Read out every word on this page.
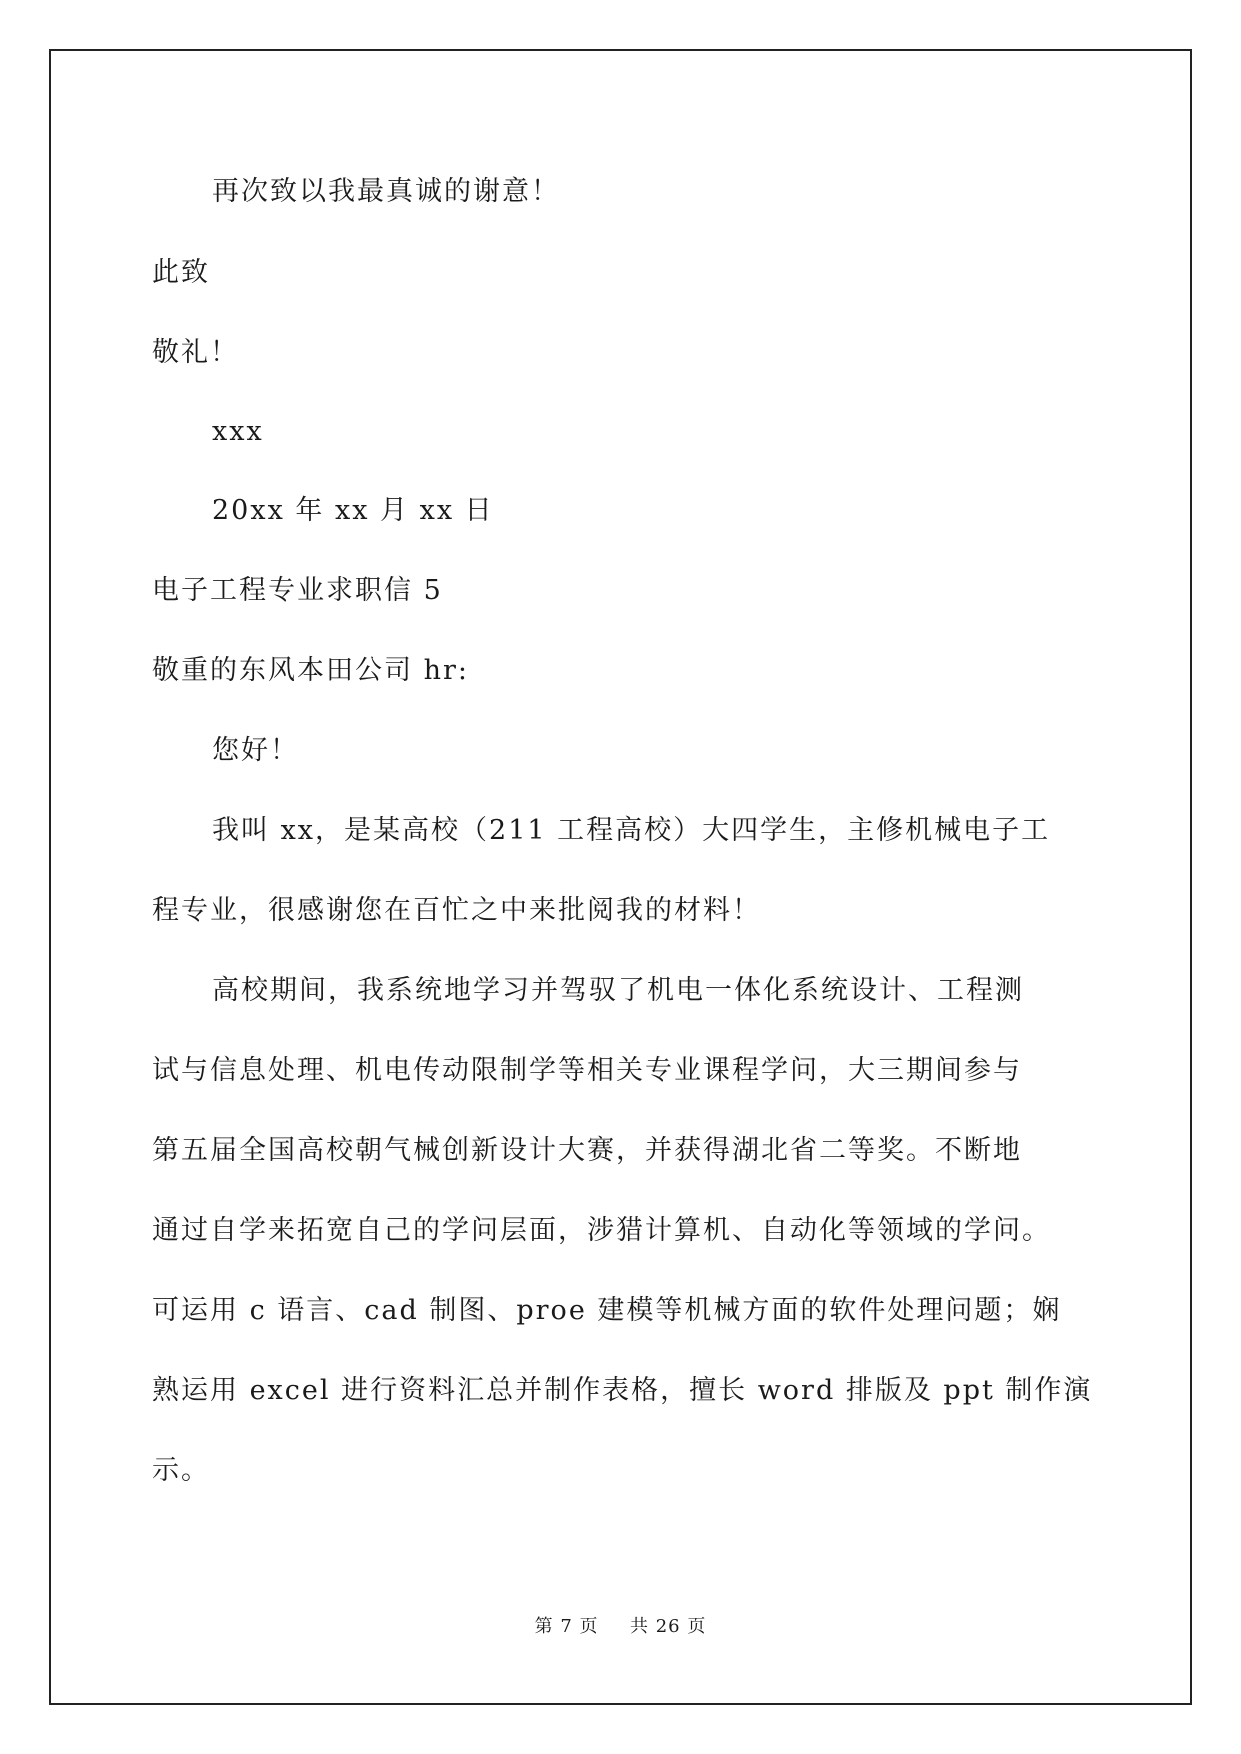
再次致以我最真诚的谢意！
此致
敬礼！
xxx
20xx 年 xx 月 xx 日
电子工程专业求职信 5
敬重的东风本田公司 hr:
您好！
我叫 xx，是某高校（211 工程高校）大四学生，主修机械电子工
程专业，很感谢您在百忙之中来批阅我的材料！
高校期间，我系统地学习并驾驭了机电一体化系统设计、工程测
试与信息处理、机电传动限制学等相关专业课程学问，大三期间参与
第五届全国高校朝气械创新设计大赛，并获得湖北省二等奖。不断地
通过自学来拓宽自己的学问层面，涉猎计算机、自动化等领域的学问。
可运用 c 语言、cad 制图、proe 建模等机械方面的软件处理问题；娴
熟运用 excel 进行资料汇总并制作表格，擅长 word 排版及 ppt 制作演
示。
第 7 页 共 26 页
